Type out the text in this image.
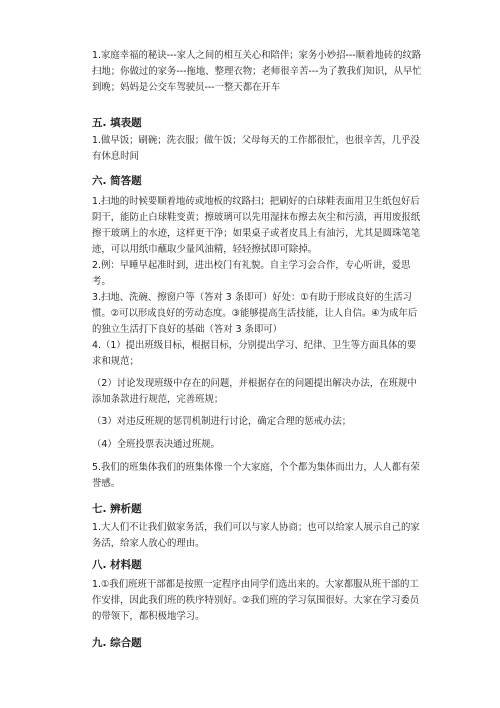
1.家庭幸福的秘诀---家人之间的相互关心和陪伴；家务小妙招---顺着地砖的纹路扫地；你做过的家务---拖地、整理衣物；老师很辛苦---为了教我们知识，从早忙到晚；妈妈是公交车驾驶员---一整天都在开车

五. 填表题

1.做早饭；刷碗；洗衣服；做午饭；父母每天的工作都很忙，也很辛苦，几乎没有休息时间

六. 简答题

1.扫地的时候要顺着地砖或地板的纹路扫；把刷好的白球鞋表面用卫生纸包好后阴干，能防止白球鞋变黄；擦玻璃可以先用湿抹布擦去灰尘和污渍，再用废报纸擦干玻璃上的水迹，这样更干净；如果桌子或者皮具上有油污，尤其是圆珠笔笔迹，可以用纸巾蘸取少量风油精，轻轻擦拭即可除掉。

2.例：早睡早起准时到，进出校门有礼貌。自主学习会合作，专心听讲，爱思考。

3.扫地、洗碗、擦窗户等（答对 3 条即可）好处：①有助于形成良好的生活习惯。②可以形成良好的劳动态度。③能够提高生活技能，让人自信。④为成年后的独立生活打下良好的基础（答对 3 条即可）

4.（1）提出班级目标，根据目标，分别提出学习、纪律、卫生等方面具体的要求和规范；

（2）讨论发现班级中存在的问题，并根据存在的问题提出解决办法，在班规中添加条款进行规范，完善班规；

（3）对违反班规的惩罚机制进行讨论，确定合理的惩戒办法；

（4）全班投票表决通过班规。

5.我们的班集体我们的班集体像一个大家庭，个个都为集体而出力，人人都有荣誉感。

七. 辨析题

1.大人们不让我们做家务活，我们可以与家人协商；也可以给家人展示自己的家务活，给家人放心的理由。

八. 材料题

1.①我们班班干部都是按照一定程序由同学们选出来的。大家都服从班干部的工作安排，因此我们班的秩序特别好。②我们班的学习氛围很好。大家在学习委员的带领下，都积极地学习。

九. 综合题
